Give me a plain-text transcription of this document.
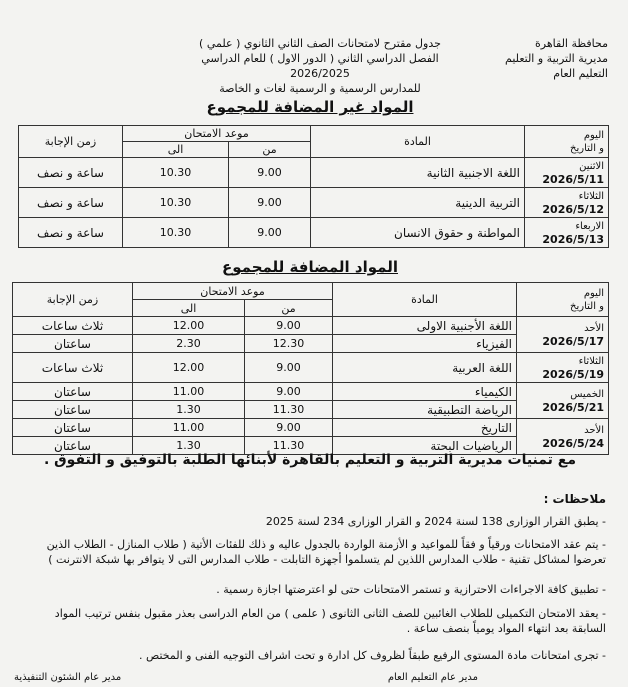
محافظة القاهرة
مديرية التربية و التعليم
التعليم العام
جدول مقترح لامتحانات الصف الثاني الثانوي ( علمي )
الفصل الدراسي الثاني ( الدور الاول ) للعام الدراسي 2026/2025
للمدارس الرسمية و الرسمية لغات و الخاصة
المواد غير المضافة للمجموع
اليوم
و التاريخ	المادة	موعد الامتحان		زمن الإجابة
		من	الى	

الاثنين
2026/5/11	اللغة الاجنبية الثانية	9.00	10.30	ساعة و نصف

الثلاثاء
2026/5/12	التربية الدينية	9.00	10.30	ساعة و نصف

الاربعاء
2026/5/13	المواطنة و حقوق الانسان	9.00	10.30	ساعة و نصف
المواد المضافة للمجموع
اليوم
و التاريخ	المادة	موعد الامتحان		زمن الإجابة
		من	الى	

الأحد
2026/5/17	اللغة الأجنبية الاولى	9.00	12.00	ثلاث ساعات
	الفيزياء	12.30	2.30	ساعتان

الثلاثاء
2026/5/19	اللغة العربية	9.00	12.00	ثلاث ساعات

الخميس
2026/5/21	الكيمياء	9.00	11.00	ساعتان
	الرياضة التطبيقية	11.30	1.30	ساعتان

الأحد
2026/5/24	التاريخ	9.00	11.00	ساعتان
	الرياضيات البحتة	11.30	1.30	ساعتان
مع تمنيات مديرية التربية و التعليم بالقاهرة لأبنائها الطلبة بالتوفيق و التفوق .
ملاحظات :
- يطبق القرار الوزارى 138 لسنة 2024 و القرار الوزارى 234 لسنة 2025
- يتم عقد الامتحانات ورقياً و فقاً للمواعيد و الأزمنة الواردة بالجدول عاليه و ذلك للفئات الأتية ( طلاب المنازل - الطلاب الذين تعرضوا لمشاكل تقنية - طلاب المدارس اللذين لم يتسلموا أجهزة التابلت - طلاب المدارس التى لا يتوافر بها شبكة الانترنت )
- تطبيق كافة الاجراءات الاحترازية و تستمر الامتحانات حتى لو اعترضتها اجازة رسمية .
- يعقد الامتحان التكميلى للطلاب الغائبين للصف الثانى الثانوى ( علمى ) من العام الدراسى بعذر مقبول بنفس ترتيب المواد السابقة بعد انتهاء المواد يومياً بنصف ساعة .
- تجرى امتحانات مادة المستوى الرفيع طبقاً لظروف كل ادارة و تحت اشراف التوجيه الفنى و المختص .
مدير عام التعليم العام
مدير عام الشئون التنفيذية
